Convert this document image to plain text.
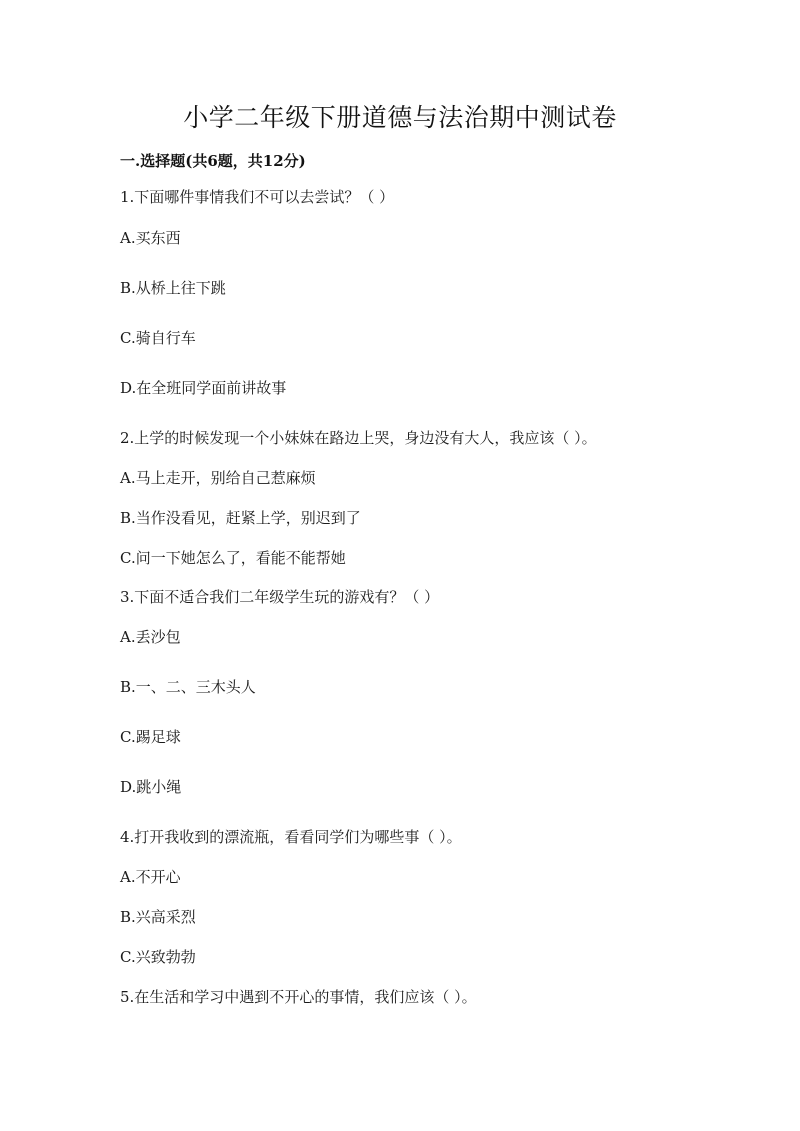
小学二年级下册道德与法治期中测试卷
一.选择题(共6题，共12分)
1.下面哪件事情我们不可以去尝试？（ ）
A.买东西
B.从桥上往下跳
C.骑自行车
D.在全班同学面前讲故事
2.上学的时候发现一个小妹妹在路边上哭，身边没有大人，我应该（ ）。
A.马上走开，别给自己惹麻烦
B.当作没看见，赶紧上学，别迟到了
C.问一下她怎么了，看能不能帮她
3.下面不适合我们二年级学生玩的游戏有？（ ）
A.丢沙包
B.一、二、三木头人
C.踢足球
D.跳小绳
4.打开我收到的漂流瓶，看看同学们为哪些事（ ）。
A.不开心
B.兴高采烈
C.兴致勃勃
5.在生活和学习中遇到不开心的事情，我们应该（ ）。
